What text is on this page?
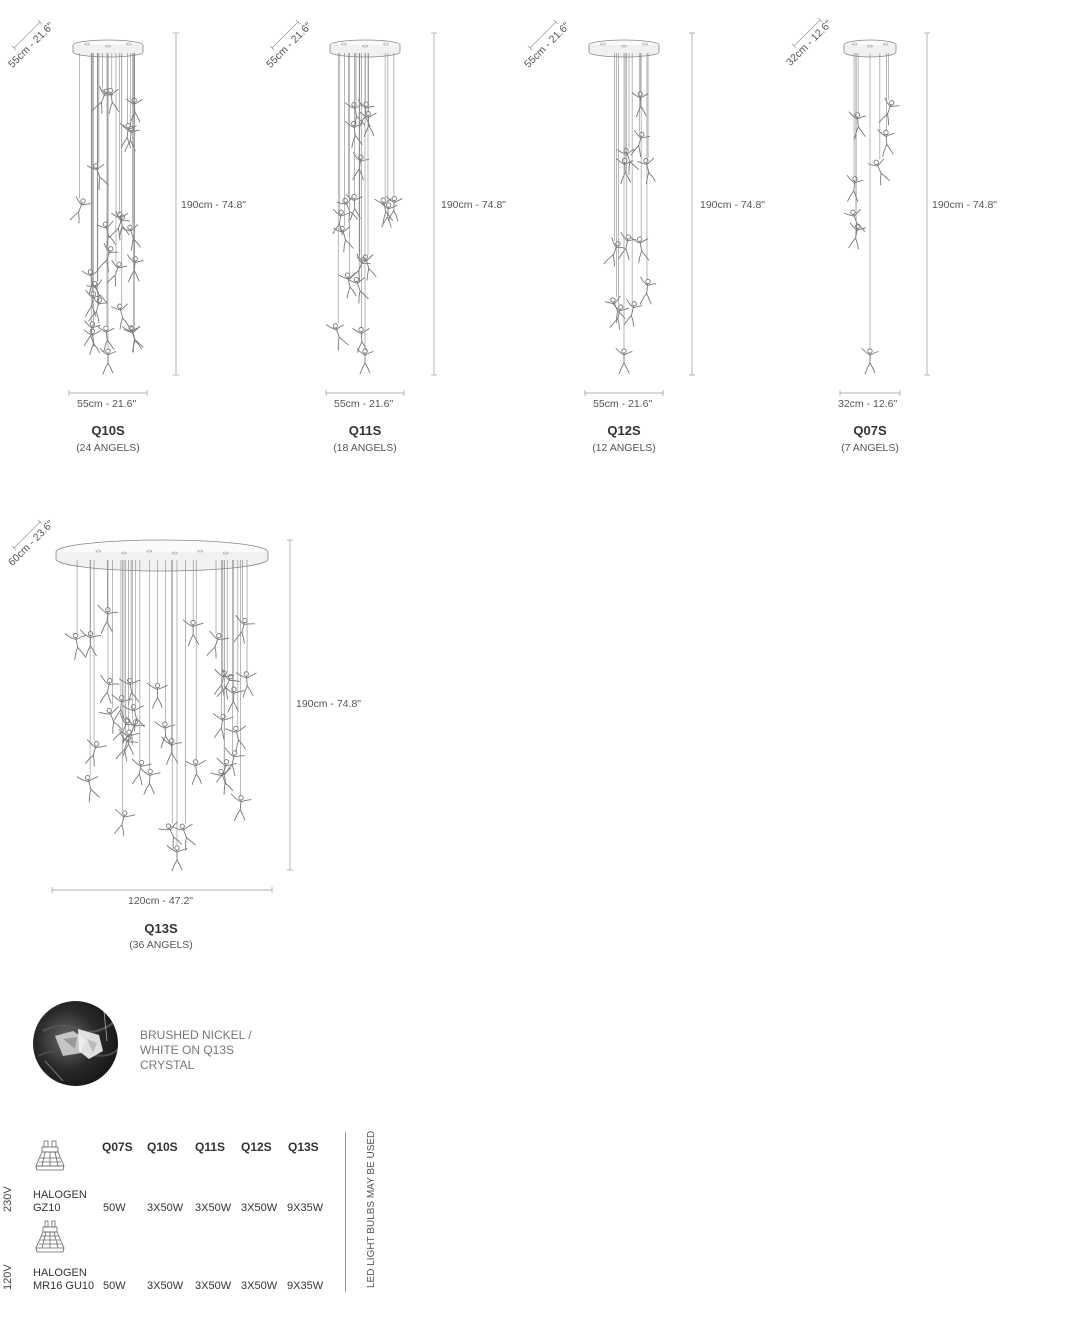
55cm - 21.6"
190cm - 74.8"
55cm - 21.6"
Q10S
(24 ANGELS)
55cm - 21.6"
190cm - 74.8"
55cm - 21.6"
Q11S
(18 ANGELS)
55cm - 21.6"
190cm - 74.8"
55cm - 21.6"
Q12S
(12 ANGELS)
32cm - 12.6"
190cm - 74.8"
32cm - 12.6"
Q07S
(7 ANGELS)
60cm - 23.6"
190cm - 74.8"
120cm - 47.2"
Q13S
(36 ANGELS)
BRUSHED NICKEL /
WHITE ON Q13S
CRYSTAL
Q07S Q10S Q11S Q12S Q13S
230V HALOGEN
GZ10	50W 3X50W 3X50W 3X50W 9X35W
120V HALOGEN
MR16 GU10 50W 3X50W 3X50W 3X50W 9X35W	LED LIGHT BULBS MAY BE USED
